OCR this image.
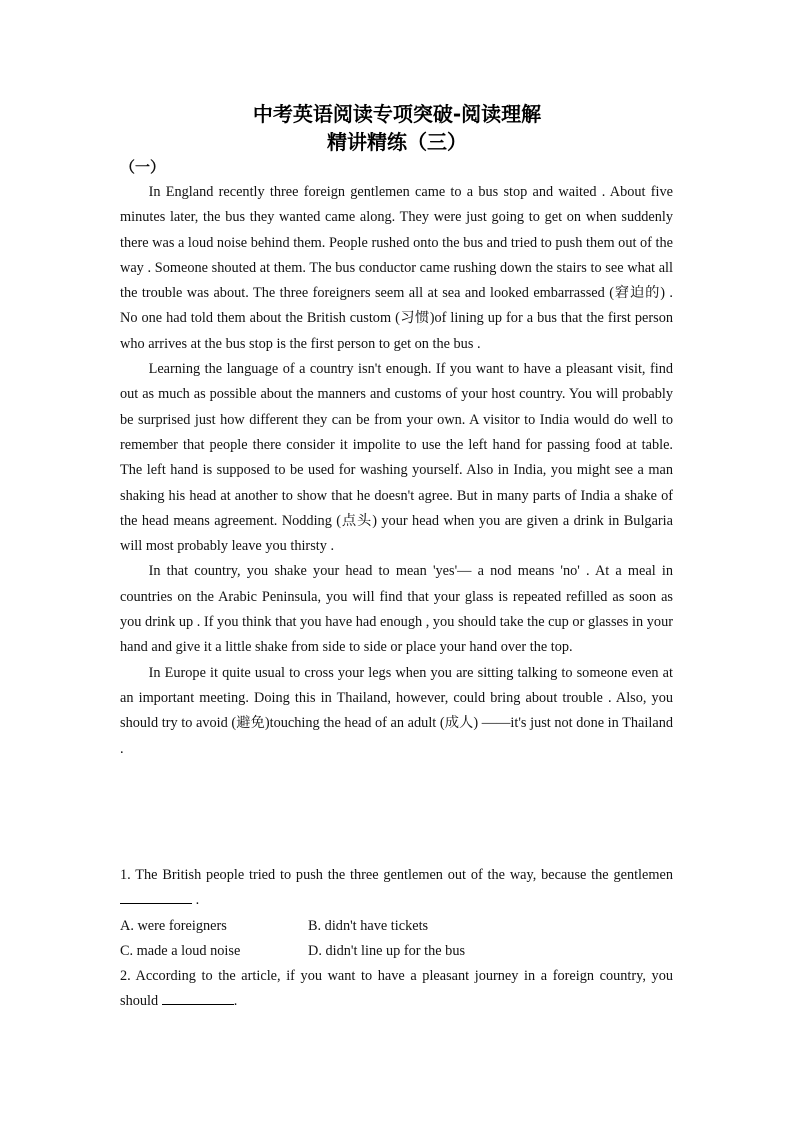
中考英语阅读专项突破-阅读理解
精讲精练（三）
（一）

In England recently three foreign gentlemen came to a bus stop and waited . About five minutes later, the bus they wanted came along. They were just going to get on when suddenly there was a loud noise behind them. People rushed onto the bus and tried to push them out of the way . Someone shouted at them. The bus conductor came rushing down the stairs to see what all the trouble was about. The three foreigners seem all at sea and looked embarrassed (窘迫的) . No one had told them about the British custom (习惯)of lining up for a bus that the first person who arrives at the bus stop is the first person to get on the bus .

Learning the language of a country isn't enough. If you want to have a pleasant visit, find out as much as possible about the manners and customs of your host country. You will probably be surprised just how different they can be from your own. A visitor to India would do well to remember that people there consider it impolite to use the left hand for passing food at table. The left hand is supposed to be used for washing yourself. Also in India, you might see a man shaking his head at another to show that he doesn't agree. But in many parts of India a shake of the head means agreement. Nodding (点头) your head when you are given a drink in Bulgaria will most probably leave you thirsty .

In that country, you shake your head to mean 'yes'— a nod means 'no' . At a meal in countries on the Arabic Peninsula, you will find that your glass is repeated refilled as soon as you drink up . If you think that you have had enough , you should take the cup or glasses in your hand and give it a little shake from side to side or place your hand over the top.

In Europe it quite usual to cross your legs when you are sitting talking to someone even at an important meeting. Doing this in Thailand, however, could bring about trouble . Also, you should try to avoid (避免)touching the head of an adult (成人) ——it's just not done in Thailand .

1. The British people tried to push the three gentlemen out of the way, because the gentlemen  .

A. were foreigners	B. didn't have tickets
C. made a loud noise	D. didn't line up for the bus

2. According to the article, if you want to have a pleasant journey in a foreign country, you should	.
